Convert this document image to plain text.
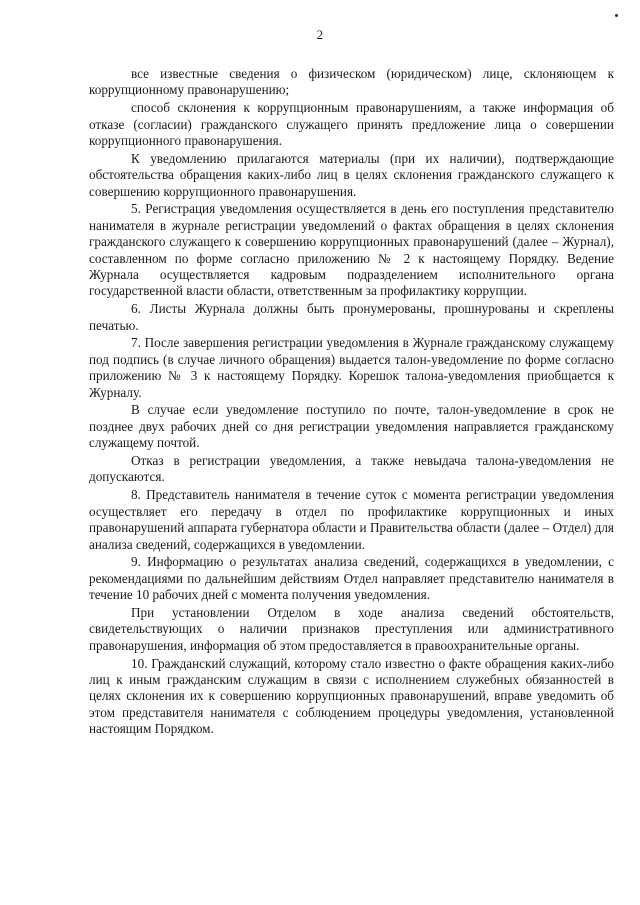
2

все известные сведения о физическом (юридическом) лице, склоняющем к коррупционному правонарушению;

способ склонения к коррупционным правонарушениям, а также информация об отказе (согласии) гражданского служащего принять предложение лица о совершении коррупционного правонарушения.

К уведомлению прилагаются материалы (при их наличии), подтверждающие обстоятельства обращения каких-либо лиц в целях склонения гражданского служащего к совершению коррупционного правонарушения.

5. Регистрация уведомления осуществляется в день его поступления представителю нанимателя в журнале регистрации уведомлений о фактах обращения в целях склонения гражданского служащего к совершению коррупционных правонарушений (далее – Журнал), составленном по форме согласно приложению № 2 к настоящему Порядку. Ведение Журнала осуществляется кадровым подразделением исполнительного органа государственной власти области, ответственным за профилактику коррупции.

6. Листы Журнала должны быть пронумерованы, прошнурованы и скреплены печатью.

7. После завершения регистрации уведомления в Журнале гражданскому служащему под подпись (в случае личного обращения) выдается талон-уведомление по форме согласно приложению № 3 к настоящему Порядку. Корешок талона-уведомления приобщается к Журналу.

В случае если уведомление поступило по почте, талон-уведомление в срок не позднее двух рабочих дней со дня регистрации уведомления направляется гражданскому служащему почтой.

Отказ в регистрации уведомления, а также невыдача талона-уведомления не допускаются.

8. Представитель нанимателя в течение суток с момента регистрации уведомления осуществляет его передачу в отдел по профилактике коррупционных и иных правонарушений аппарата губернатора области и Правительства области (далее – Отдел) для анализа сведений, содержащихся в уведомлении.

9. Информацию о результатах анализа сведений, содержащихся в уведомлении, с рекомендациями по дальнейшим действиям Отдел направляет представителю нанимателя в течение 10 рабочих дней с момента получения уведомления.

При установлении Отделом в ходе анализа сведений обстоятельств, свидетельствующих о наличии признаков преступления или административного правонарушения, информация об этом предоставляется в правоохранительные органы.

10. Гражданский служащий, которому стало известно о факте обращения каких-либо лиц к иным гражданским служащим в связи с исполнением служебных обязанностей в целях склонения их к совершению коррупционных правонарушений, вправе уведомить об этом представителя нанимателя с соблюдением процедуры уведомления, установленной настоящим Порядком.
